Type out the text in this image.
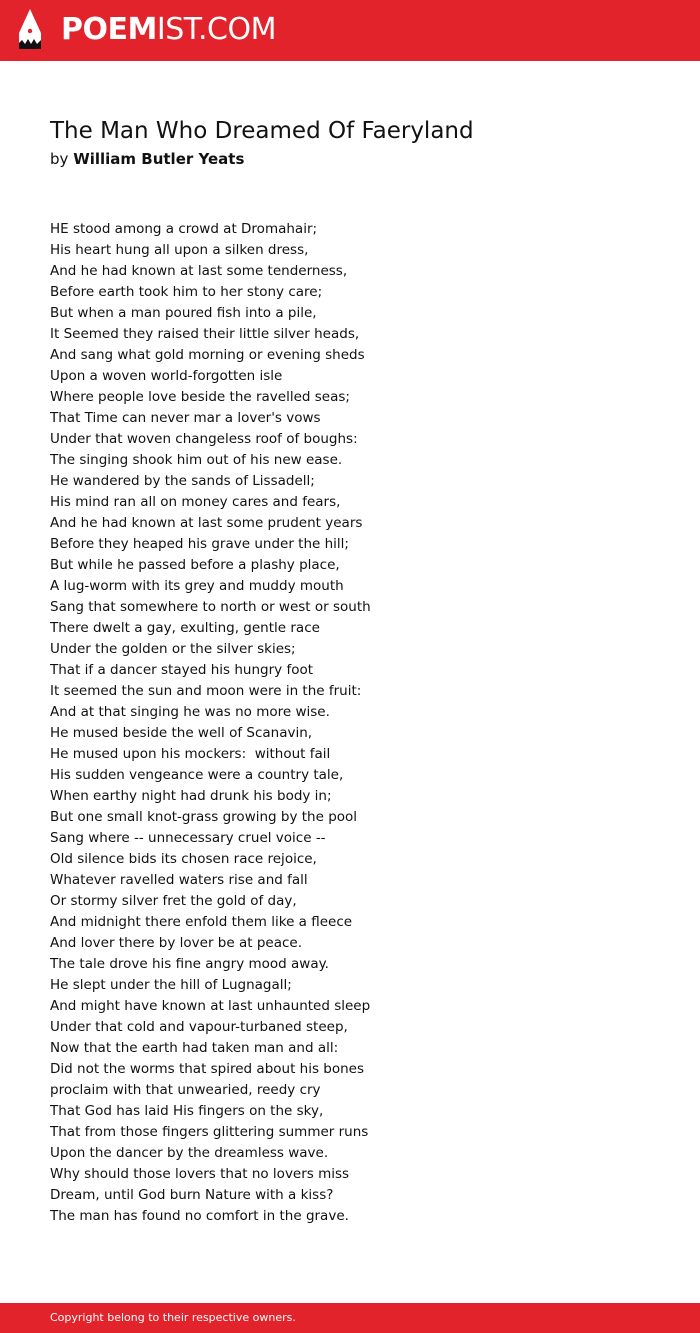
POEMIST.COM
The Man Who Dreamed Of Faeryland
by William Butler Yeats
HE stood among a crowd at Dromahair;
His heart hung all upon a silken dress,
And he had known at last some tenderness,
Before earth took him to her stony care;
But when a man poured fish into a pile,
It Seemed they raised their little silver heads,
And sang what gold morning or evening sheds
Upon a woven world-forgotten isle
Where people love beside the ravelled seas;
That Time can never mar a lover's vows
Under that woven changeless roof of boughs:
The singing shook him out of his new ease.
He wandered by the sands of Lissadell;
His mind ran all on money cares and fears,
And he had known at last some prudent years
Before they heaped his grave under the hill;
But while he passed before a plashy place,
A lug-worm with its grey and muddy mouth
Sang that somewhere to north or west or south
There dwelt a gay, exulting, gentle race
Under the golden or the silver skies;
That if a dancer stayed his hungry foot
It seemed the sun and moon were in the fruit:
And at that singing he was no more wise.
He mused beside the well of Scanavin,
He mused upon his mockers:  without fail
His sudden vengeance were a country tale,
When earthy night had drunk his body in;
But one small knot-grass growing by the pool
Sang where -- unnecessary cruel voice --
Old silence bids its chosen race rejoice,
Whatever ravelled waters rise and fall
Or stormy silver fret the gold of day,
And midnight there enfold them like a fleece
And lover there by lover be at peace.
The tale drove his fine angry mood away.
He slept under the hill of Lugnagall;
And might have known at last unhaunted sleep
Under that cold and vapour-turbaned steep,
Now that the earth had taken man and all:
Did not the worms that spired about his bones
proclaim with that unwearied, reedy cry
That God has laid His fingers on the sky,
That from those fingers glittering summer runs
Upon the dancer by the dreamless wave.
Why should those lovers that no lovers miss
Dream, until God burn Nature with a kiss?
The man has found no comfort in the grave.
Copyright belong to their respective owners.
